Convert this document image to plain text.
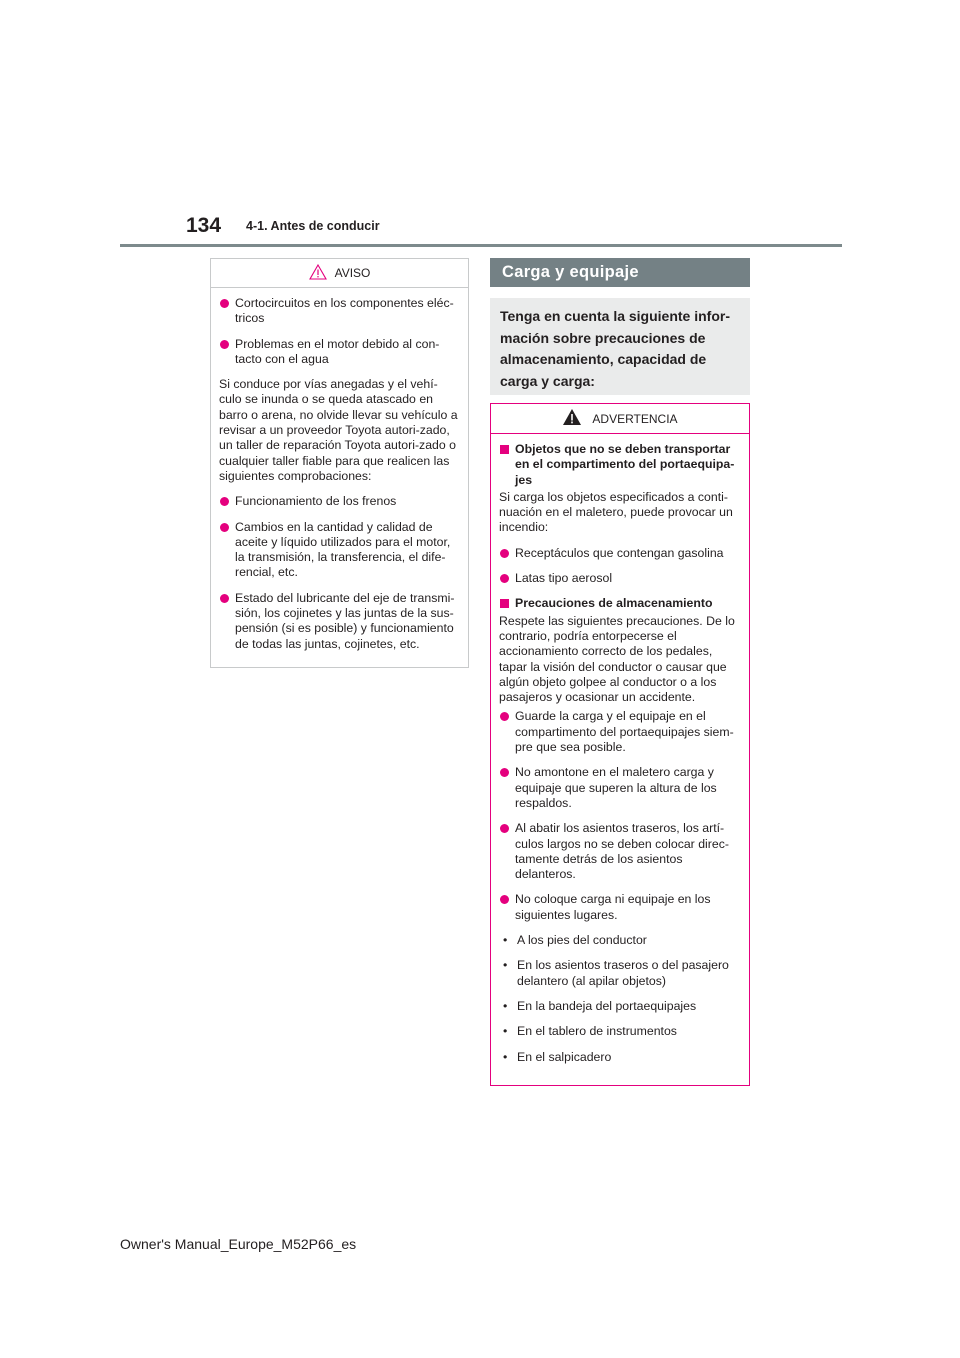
134 4-1. Antes de conducir
AVISO
Cortocircuitos en los componentes eléc-tricos
Problemas en el motor debido al con-tacto con el agua
Si conduce por vías anegadas y el vehí-culo se inunda o se queda atascado en barro o arena, no olvide llevar su vehículo a revisar a un proveedor Toyota autori-zado, un taller de reparación Toyota autori-zado o cualquier taller fiable para que realicen las siguientes comprobaciones:
Funcionamiento de los frenos
Cambios en la cantidad y calidad de aceite y líquido utilizados para el motor, la transmisión, la transferencia, el dife-rencial, etc.
Estado del lubricante del eje de transmi-sión, los cojinetes y las juntas de la sus-pensión (si es posible) y funcionamiento de todas las juntas, cojinetes, etc.
Carga y equipaje
Tenga en cuenta la siguiente infor-mación sobre precauciones de almacenamiento, capacidad de carga y carga:
ADVERTENCIA
Objetos que no se deben transportar en el compartimento del portaequipa-jes
Si carga los objetos especificados a conti-nuación en el maletero, puede provocar un incendio:
Receptáculos que contengan gasolina
Latas tipo aerosol
Precauciones de almacenamiento
Respete las siguientes precauciones. De lo contrario, podría entorpecerse el accionamiento correcto de los pedales, tapar la visión del conductor o causar que algún objeto golpee al conductor o a los pasajeros y ocasionar un accidente.
Guarde la carga y el equipaje en el compartimento del portaequipajes siem-pre que sea posible.
No amontone en el maletero carga y equipaje que superen la altura de los respaldos.
Al abatir los asientos traseros, los artí-culos largos no se deben colocar direc-tamente detrás de los asientos delanteros.
No coloque carga ni equipaje en los siguientes lugares.
• A los pies del conductor
• En los asientos traseros o del pasajero delantero (al apilar objetos)
• En la bandeja del portaequipajes
• En el tablero de instrumentos
• En el salpicadero
Owner's Manual_Europe_M52P66_es
